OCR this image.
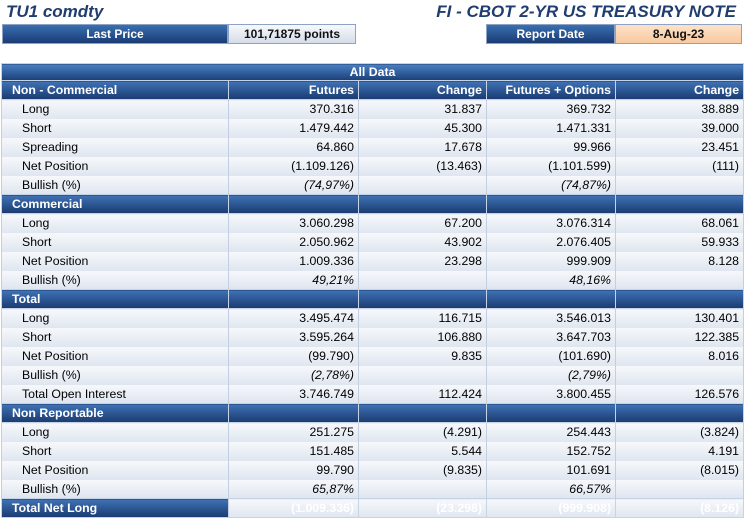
TU1 comdty	FI - CBOT 2-YR US TREASURY NOTE
Last Price	101,71875 points	Report Date	8-Aug-23
All Data				
Non - Commercial	Futures	Change	Futures + Options	Change
Long	370.316	31.837	369.732	38.889
Short	1.479.442	45.300	1.471.331	39.000
Spreading	64.860	17.678	99.966	23.451
Net Position	(1.109.126)	(13.463)	(1.101.599)	(111)
Bullish (%)	(74,97%)		(74,87%)	
Commercial				
Long	3.060.298	67.200	3.076.314	68.061
Short	2.050.962	43.902	2.076.405	59.933
Net Position	1.009.336	23.298	999.909	8.128
Bullish (%)	49,21%		48,16%	
Total				
Long	3.495.474	116.715	3.546.013	130.401
Short	3.595.264	106.880	3.647.703	122.385
Net Position	(99.790)	9.835	(101.690)	8.016
Bullish (%)	(2,78%)		(2,79%)	
Total Open Interest	3.746.749	112.424	3.800.455	126.576
Non Reportable				
Long	251.275	(4.291)	254.443	(3.824)
Short	151.485	5.544	152.752	4.191
Net Position	99.790	(9.835)	101.691	(8.015)
Bullish (%)	65,87%		66,57%	
Total Net Long	(1.009.336)	(23.298)	(999.908)	(8.126)
